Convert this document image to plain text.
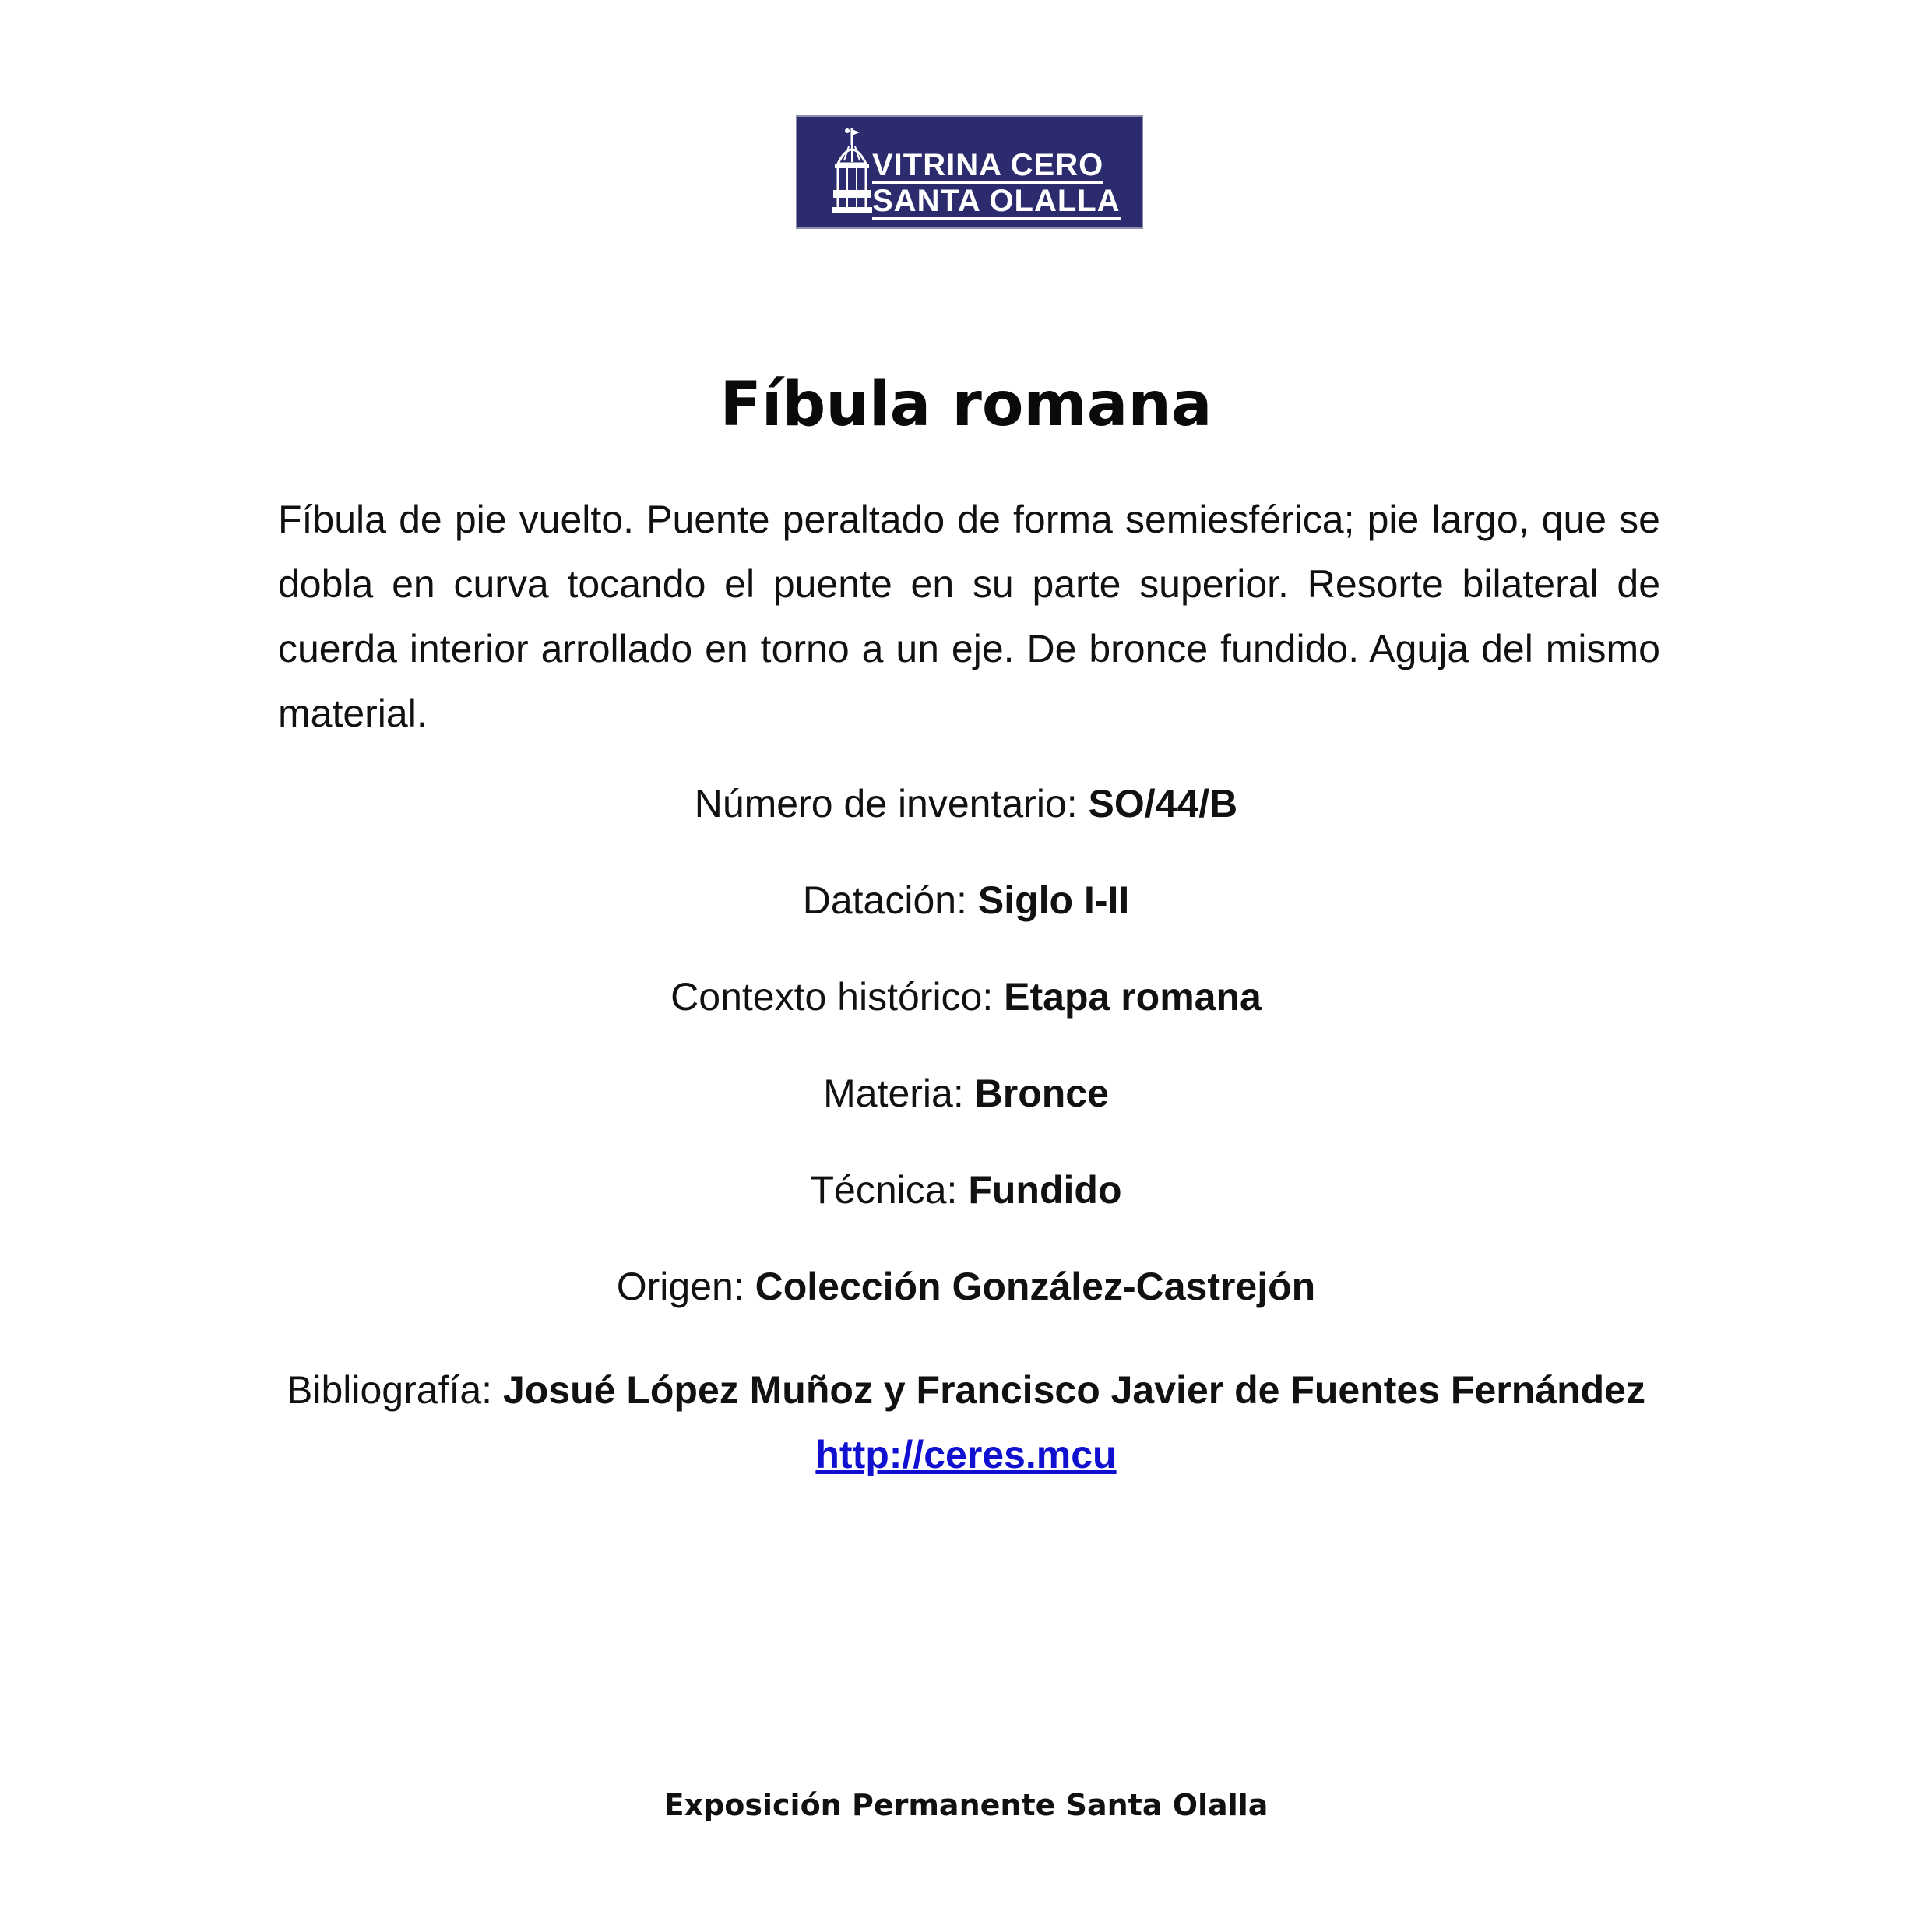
VITRINA CERO
SANTA OLALLA
Fíbula romana

Fíbula de pie vuelto. Puente peraltado de forma semiesférica; pie largo, que se dobla en curva tocando el puente en su parte superior. Resorte bilateral de cuerda interior arrollado en torno a un eje. De bronce fundido. Aguja del mismo material.

Número de inventario: SO/44/B
Datación: Siglo I-II
Contexto histórico: Etapa romana
Materia: Bronce
Técnica: Fundido
Origen: Colección González-Castrejón
Bibliografía: Josué López Muñoz y Francisco Javier de Fuentes Fernández
http://ceres.mcu
Exposición Permanente Santa Olalla
